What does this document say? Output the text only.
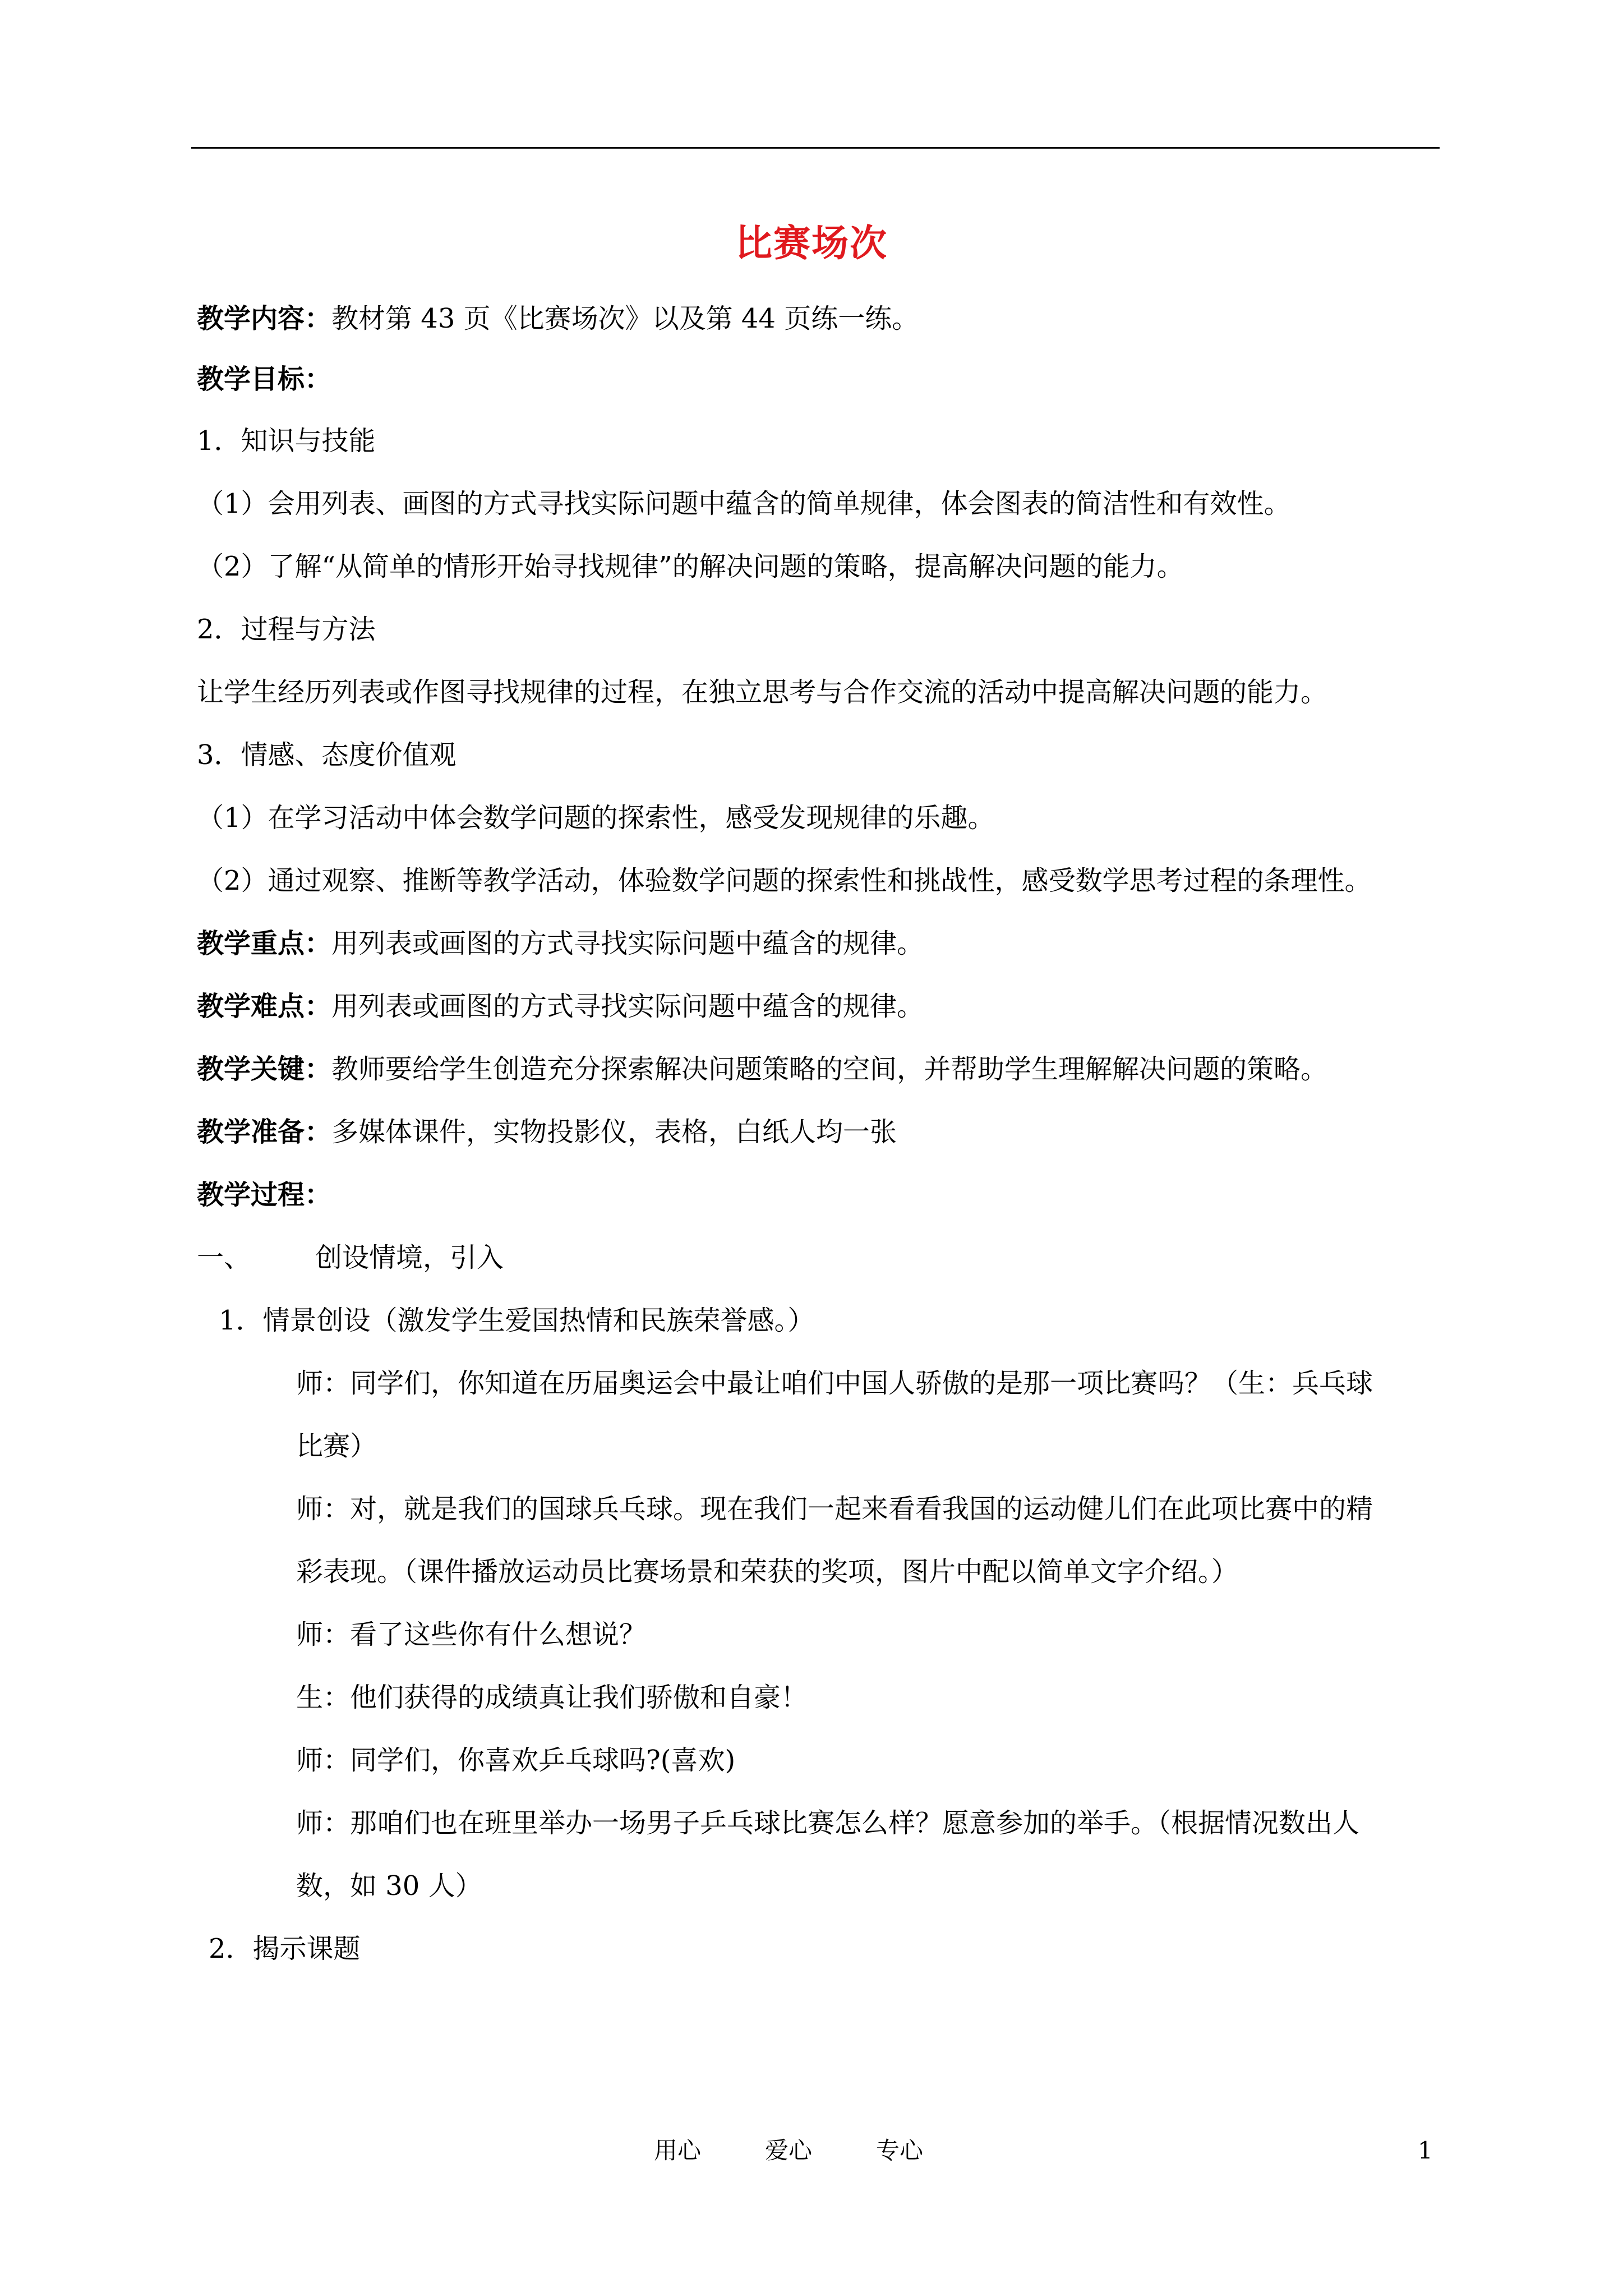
比赛场次
教学内容：教材第 43 页《比赛场次》以及第 44 页练一练。
教学目标：
1．知识与技能
（1）会用列表、画图的方式寻找实际问题中蕴含的简单规律，体会图表的简洁性和有效性。
（2）了解“从简单的情形开始寻找规律”的解决问题的策略，提高解决问题的能力。
2．过程与方法
让学生经历列表或作图寻找规律的过程，在独立思考与合作交流的活动中提高解决问题的能力。
3．情感、态度价值观
（1）在学习活动中体会数学问题的探索性，感受发现规律的乐趣。
（2）通过观察、推断等教学活动，体验数学问题的探索性和挑战性，感受数学思考过程的条理性。
教学重点：用列表或画图的方式寻找实际问题中蕴含的规律。
教学难点：用列表或画图的方式寻找实际问题中蕴含的规律。
教学关键：教师要给学生创造充分探索解决问题策略的空间，并帮助学生理解解决问题的策略。
教学准备：多媒体课件，实物投影仪，表格，白纸人均一张
教学过程：
一、 创设情境，引入
1．情景创设（激发学生爱国热情和民族荣誉感。）
师：同学们，你知道在历届奥运会中最让咱们中国人骄傲的是那一项比赛吗？（生：兵乓球
比赛）
师：对，就是我们的国球兵乓球。现在我们一起来看看我国的运动健儿们在此项比赛中的精
彩表现。（课件播放运动员比赛场景和荣获的奖项，图片中配以简单文字介绍。）
师：看了这些你有什么想说？
生：他们获得的成绩真让我们骄傲和自豪！
师：同学们，你喜欢乒乓球吗?(喜欢)
师：那咱们也在班里举办一场男子乒乓球比赛怎么样？愿意参加的举手。（根据情况数出人
数，如 30 人）
2．揭示课题
用心	爱心	专心	1
